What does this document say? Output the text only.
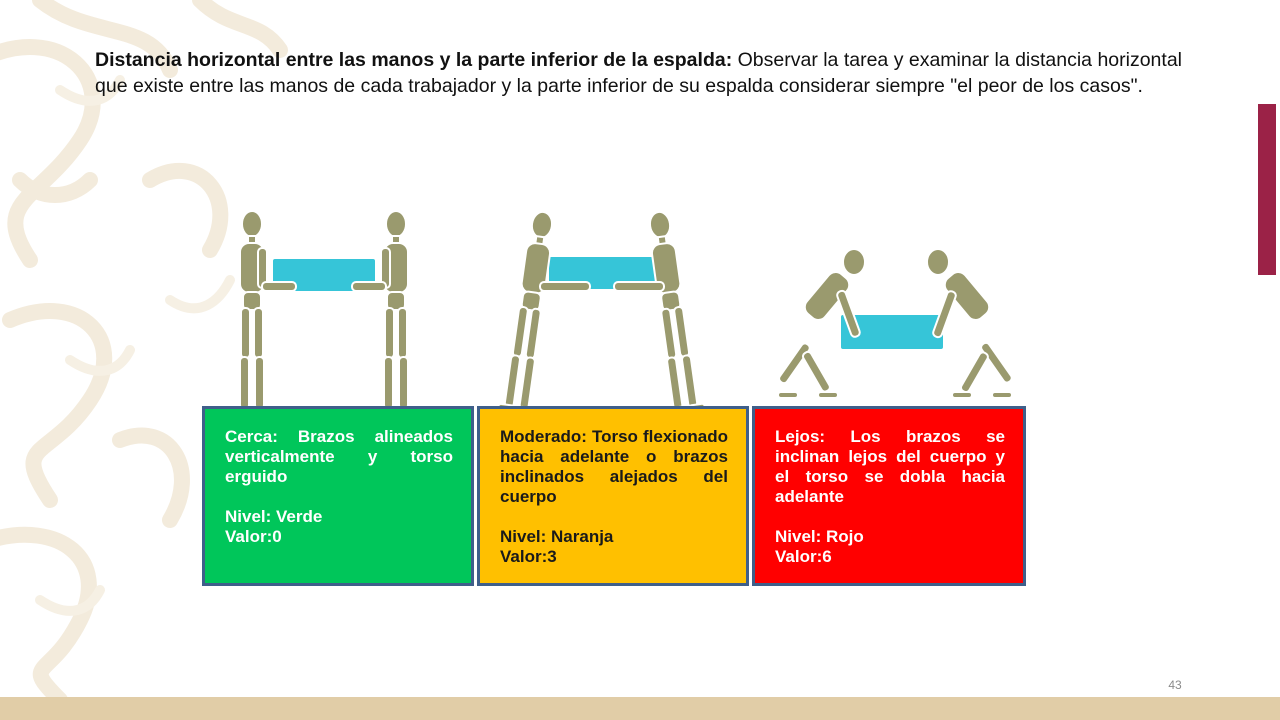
Distancia horizontal entre las manos y la parte inferior de la espalda: Observar la tarea y examinar la distancia horizontal que existe entre las manos de cada trabajador y la parte inferior de su espalda considerar siempre "el peor de los casos".

Cerca: Brazos alineados verticalmente y torso erguido

Nivel: Verde

Valor:0

Moderado: Torso flexionado hacia adelante o brazos inclinados alejados del cuerpo

Nivel: Naranja

Valor:3

Lejos: Los brazos se inclinan lejos del cuerpo y el torso se dobla hacia adelante

Nivel: Rojo

Valor:6

43
